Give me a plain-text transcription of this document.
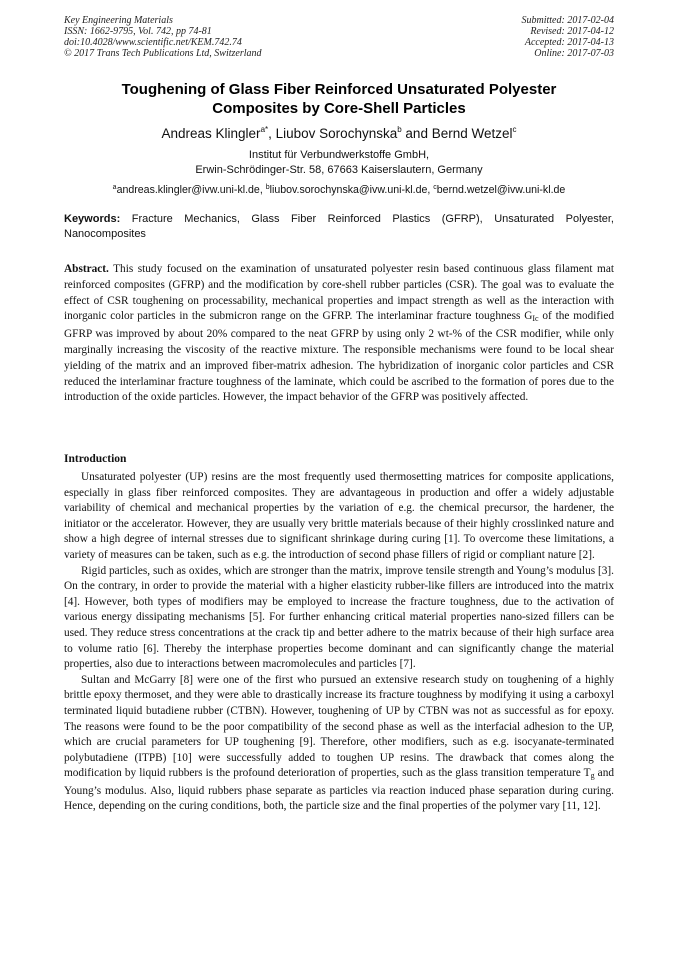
Key Engineering Materials
ISSN: 1662-9795, Vol. 742, pp 74-81
doi:10.4028/www.scientific.net/KEM.742.74
© 2017 Trans Tech Publications Ltd, Switzerland
Submitted: 2017-02-04
Revised: 2017-04-12
Accepted: 2017-04-13
Online: 2017-07-03
Toughening of Glass Fiber Reinforced Unsaturated Polyester
Composites by Core-Shell Particles
Andreas Klingler$^{a*}$, Liubov Sorochynska$^b$ and Bernd Wetzel$^c$
Institut für Verbundwerkstoffe GmbH,
Erwin-Schrödinger-Str. 58, 67663 Kaiserslautern, Germany
$^a$andreas.klingler@ivw.uni-kl.de, $^b$liubov.sorochynska@ivw.uni-kl.de, $^c$bernd.wetzel@ivw.uni-kl.de
Keywords: Fracture Mechanics, Glass Fiber Reinforced Plastics (GFRP), Unsaturated Polyester, Nanocomposites
Abstract. This study focused on the examination of unsaturated polyester resin based continuous glass filament mat reinforced composites (GFRP) and the modification by core-shell rubber particles (CSR). The goal was to evaluate the effect of CSR toughening on processability, mechanical properties and impact strength as well as the interaction with inorganic color particles in the submicron range on the GFRP. The interlaminar fracture toughness $G_{Ic}$ of the modified GFRP was improved by about 20% compared to the neat GFRP by using only 2 wt-% of the CSR modifier, while only marginally increasing the viscosity of the reactive mixture. The responsible mechanisms were found to be local shear yielding of the matrix and an improved fiber-matrix adhesion. The hybridization of inorganic color particles and CSR reduced the interlaminar fracture toughness of the laminate, which could be ascribed to the formation of pores due to the introduction of the oxide particles. However, the impact behavior of the GFRP was positively affected.
Introduction

Unsaturated polyester (UP) resins are the most frequently used thermosetting matrices for composite applications, especially in glass fiber reinforced composites. They are advantageous in production and offer a widely adjustable variability of chemical and mechanical properties by the variation of e.g. the chemical precursor, the hardener, the initiator or the accelerator. However, they are usually very brittle materials because of their highly crosslinked nature and show a high degree of internal stresses due to significant shrinkage during curing [1]. To overcome these limitations, a variety of measures can be taken, such as e.g. the introduction of second phase fillers of rigid or compliant nature [2].

Rigid particles, such as oxides, which are stronger than the matrix, improve tensile strength and Young’s modulus [3]. On the contrary, in order to provide the material with a higher elasticity rubber-like fillers are introduced into the matrix [4]. However, both types of modifiers may be employed to increase the fracture toughness, due to the activation of various energy dissipating mechanisms [5]. For further enhancing critical material properties nano-sized fillers can be used. They reduce stress concentrations at the crack tip and better adhere to the matrix because of their high surface area to volume ratio [6]. Thereby the interphase properties become dominant and can significantly change the material properties, also due to interactions between macromolecules and particles [7].

Sultan and McGarry [8] were one of the first who pursued an extensive research study on toughening of a highly brittle epoxy thermoset, and they were able to drastically increase its fracture toughness by modifying it using a carboxyl terminated liquid butadiene rubber (CTBN). However, toughening of UP by CTBN was not as successful as for epoxy. The reasons were found to be the poor compatibility of the second phase as well as the interfacial adhesion to the UP, which are crucial parameters for UP toughening [9]. Therefore, other modifiers, such as e.g. isocyanate-terminated polybutadiene (ITPB) [10] were successfully added to toughen UP resins. The drawback that comes along the modification by liquid rubbers is the profound deterioration of properties, such as the glass transition temperature $T_g$ and Young’s modulus. Also, liquid rubbers phase separate as particles via reaction induced phase separation during curing. Hence, depending on the curing conditions, both, the particle size and the final properties of the polymer vary [11, 12].
